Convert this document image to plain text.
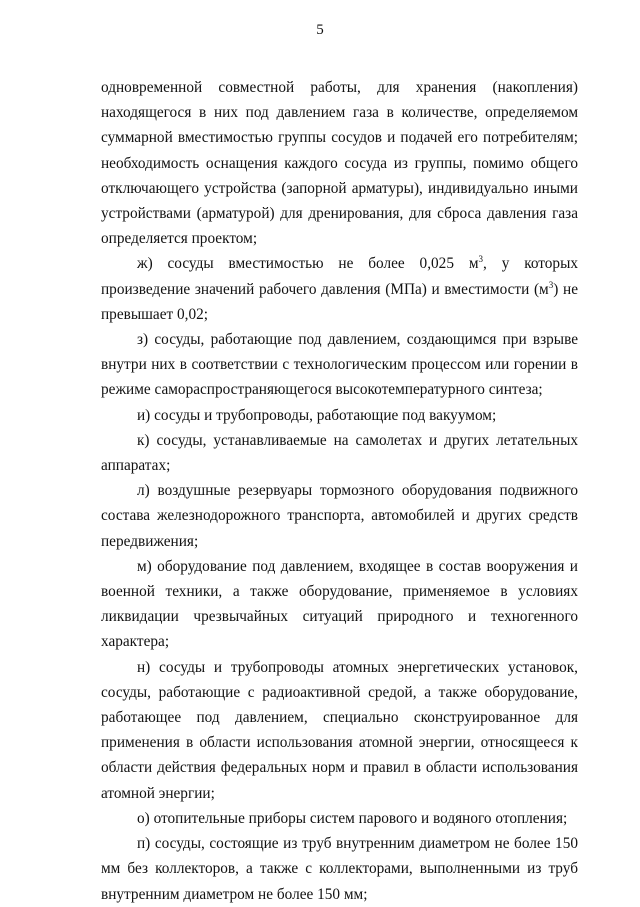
5

одновременной совместной работы, для хранения (накопления) находящегося в них под давлением газа в количестве, определяемом суммарной вместимостью группы сосудов и подачей его потребителям; необходимость оснащения каждого сосуда из группы, помимо общего отключающего устройства (запорной арматуры), индивидуально иными устройствами (арматурой) для дренирования, для сброса давления газа определяется проектом;

ж) сосуды вместимостью не более 0,025 $м^3$, у которых произведение значений рабочего давления (МПа) и вместимости $(м^3)$ не превышает 0,02;

з) сосуды, работающие под давлением, создающимся при взрыве внутри них в соответствии с технологическим процессом или горении в режиме самораспространяющегося высокотемпературного синтеза;

и) сосуды и трубопроводы, работающие под вакуумом;

к) сосуды, устанавливаемые на самолетах и других летательных аппаратах;

л) воздушные резервуары тормозного оборудования подвижного состава железнодорожного транспорта, автомобилей и других средств передвижения;

м) оборудование под давлением, входящее в состав вооружения и военной техники, а также оборудование, применяемое в условиях ликвидации чрезвычайных ситуаций природного и техногенного характера;

н) сосуды и трубопроводы атомных энергетических установок, сосуды, работающие с радиоактивной средой, а также оборудование, работающее под давлением, специально сконструированное для применения в области использования атомной энергии, относящееся к области действия федеральных норм и правил в области использования атомной энергии;

о) отопительные приборы систем парового и водяного отопления;

п) сосуды, состоящие из труб внутренним диаметром не более 150 мм без коллекторов, а также с коллекторами, выполненными из труб внутренним диаметром не более 150 мм;
